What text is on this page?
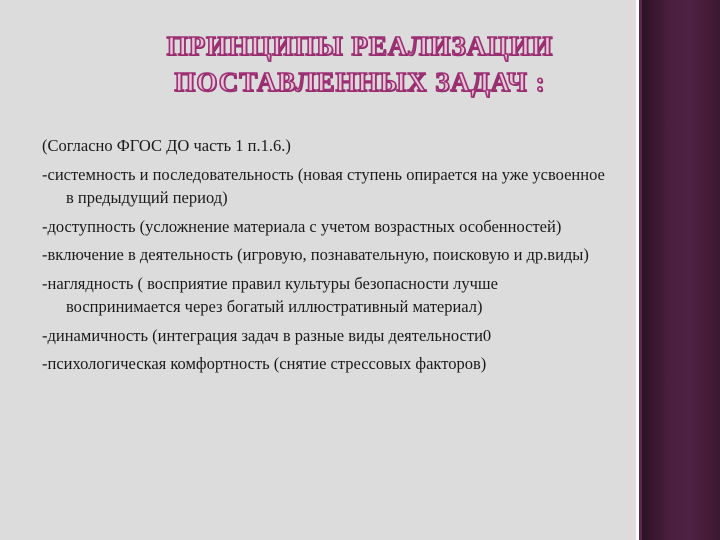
ПРИНЦИПЫ РЕАЛИЗАЦИИ
ПОСТАВЛЕННЫХ ЗАДАЧ :

(Согласно ФГОС ДО часть 1 п.1.6.)

-системность и последовательность (новая ступень опирается на уже усвоенное в предыдущий период)

-доступность (усложнение материала с учетом возрастных особенностей)

-включение в деятельность (игровую, познавательную, поисковую и др.виды)

-наглядность ( восприятие правил культуры безопасности лучше воспринимается через богатый иллюстративный материал)

-динамичность (интеграция задач в разные виды деятельности0

-психологическая комфортность (снятие стрессовых факторов)
